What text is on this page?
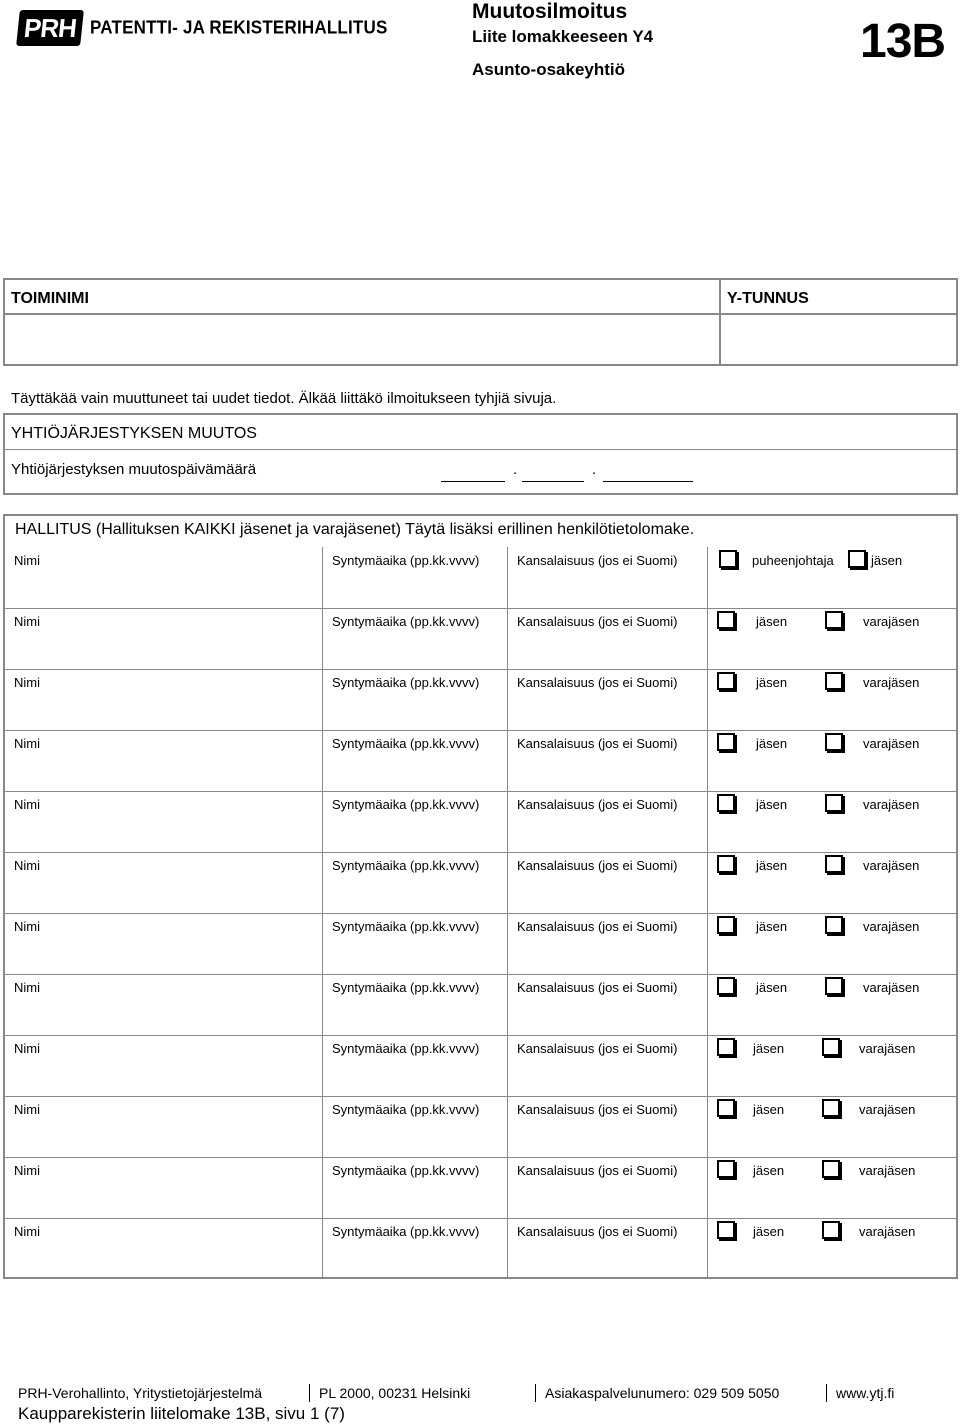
PRH PATENTTI- JA REKISTERIHALLITUS
Muutosilmoitus
Liite lomakkeeseen Y4
Asunto-osakeyhtiö
13B
TOIMINIMI	Y-TUNNUS
Täyttäkää vain muuttuneet tai uudet tiedot. Älkää liittäkö ilmoitukseen tyhjiä sivuja.
YHTIÖJÄRJESTYKSEN MUUTOS
Yhtiöjärjestyksen muutospäivämäärä	.	.
HALLITUS (Hallituksen KAIKKI jäsenet ja varajäsenet) Täytä lisäksi erillinen henkilötietolomake.
Nimi	Syntymäaika (pp.kk.vvvv)	Kansalaisuus (jos ei Suomi)	puheenjohtaja	jäsen
Nimi	Syntymäaika (pp.kk.vvvv)	Kansalaisuus (jos ei Suomi)	jäsen	varajäsen
Nimi	Syntymäaika (pp.kk.vvvv)	Kansalaisuus (jos ei Suomi)	jäsen	varajäsen
Nimi	Syntymäaika (pp.kk.vvvv)	Kansalaisuus (jos ei Suomi)	jäsen	varajäsen
Nimi	Syntymäaika (pp.kk.vvvv)	Kansalaisuus (jos ei Suomi)	jäsen	varajäsen
Nimi	Syntymäaika (pp.kk.vvvv)	Kansalaisuus (jos ei Suomi)	jäsen	varajäsen
Nimi	Syntymäaika (pp.kk.vvvv)	Kansalaisuus (jos ei Suomi)	jäsen	varajäsen
Nimi	Syntymäaika (pp.kk.vvvv)	Kansalaisuus (jos ei Suomi)	jäsen	varajäsen
Nimi	Syntymäaika (pp.kk.vvvv)	Kansalaisuus (jos ei Suomi)	jäsen	varajäsen
Nimi	Syntymäaika (pp.kk.vvvv)	Kansalaisuus (jos ei Suomi)	jäsen	varajäsen
Nimi	Syntymäaika (pp.kk.vvvv)	Kansalaisuus (jos ei Suomi)	jäsen	varajäsen
Nimi	Syntymäaika (pp.kk.vvvv)	Kansalaisuus (jos ei Suomi)	jäsen	varajäsen
PRH-Verohallinto, Yritystietojärjestelmä	PL 2000, 00231 Helsinki	Asiakaspalvelunumero: 029 509 5050	www.ytj.fi
Kaupparekisterin liitelomake 13B, sivu 1 (7)
